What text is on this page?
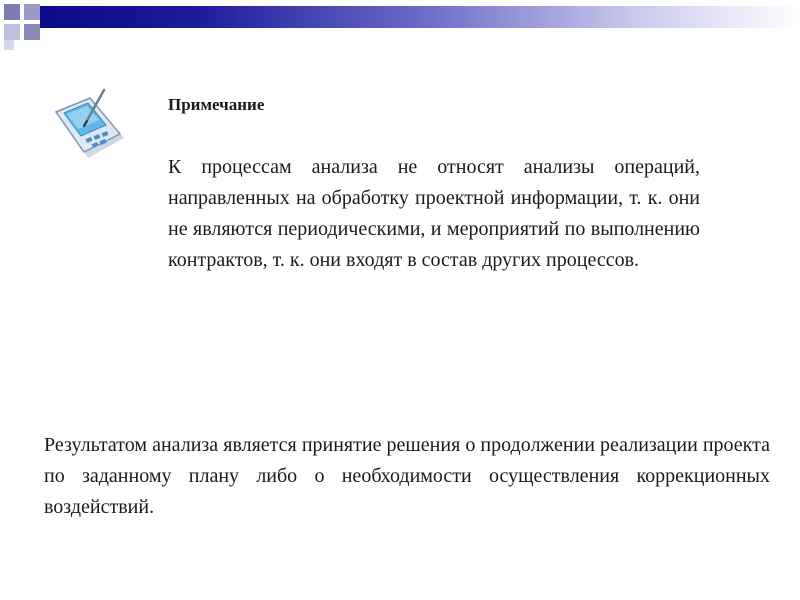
Примечание
К процессам анализа не относят анализы операций, направленных на обработку проектной информации, т. к. они не являются периодическими, и мероприятий по выполнению контрактов, т. к. они входят в состав других процессов.
Результатом анализа является принятие решения о продолжении реализации проекта по заданному плану либо о необходимости осуществления коррекционных воздействий.
